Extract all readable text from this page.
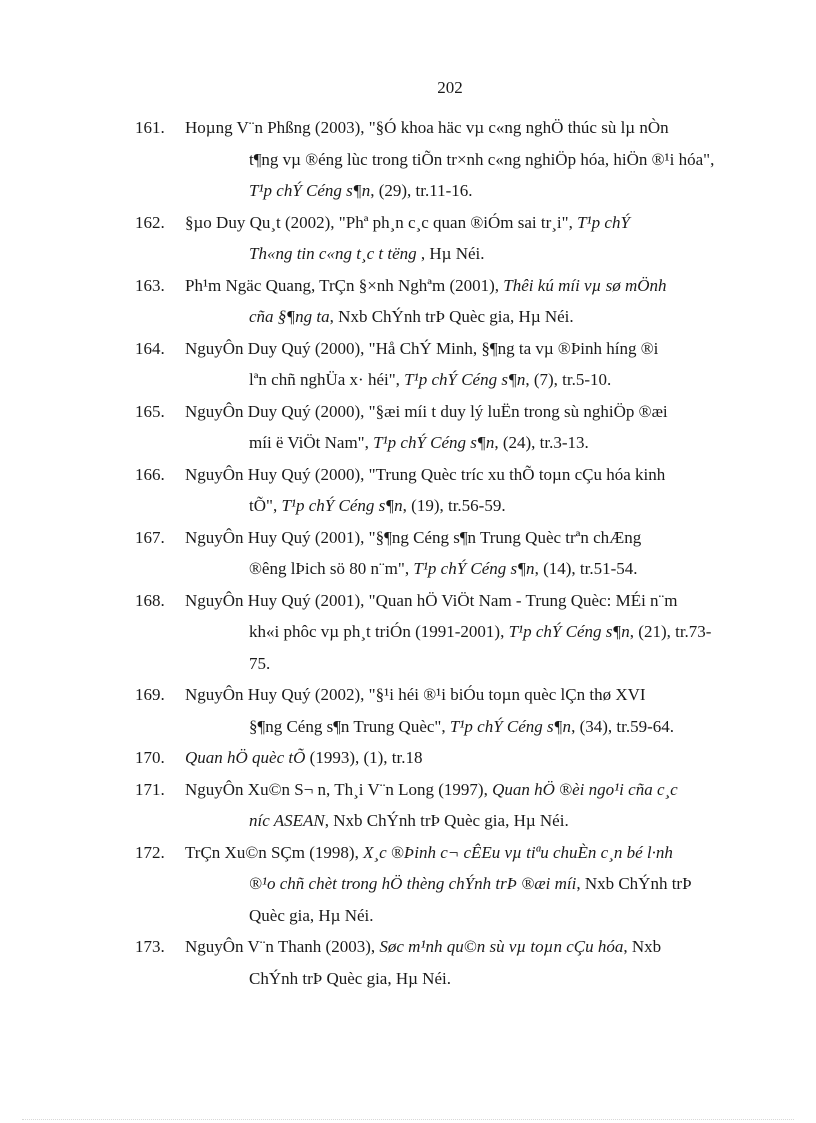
202
161. Hoµng V¨n Phßng (2003), "§Ó khoa häc vµ c«ng nghÖ thúc sù lµ nÒn
t¶ng vµ ®éng lùc trong tiÕn tr×nh c«ng nghiÖp hóa, hiÖn ®¹i hóa",
T¹p chÝ Céng s¶n, (29), tr.11-16.
162. §µo Duy Qu¸t (2002), "Phª ph¸n c¸c quan ®iÓm sai tr¸i", T¹p chÝ
Th«ng tin c«ng t¸c t tëng , Hµ Néi.
163. Ph¹m Ngäc Quang, TrÇn §×nh Nghªm (2001), Thêi kú míi vµ sø mÖnh
cña §¶ng ta, Nxb ChÝnh trÞ Quèc gia, Hµ Néi.
164. NguyÔn Duy Quý (2000), "Hå ChÝ Minh, §¶ng ta vµ ®Þinh híng ®i
lªn chñ nghÜa x· héi", T¹p chÝ Céng s¶n, (7), tr.5-10.
165. NguyÔn Duy Quý (2000), "§æi míi t duy lý luËn trong sù nghiÖp ®æi
míi ë ViÖt Nam", T¹p chÝ Céng s¶n, (24), tr.3-13.
166. NguyÔn Huy Quý (2000), "Trung Quèc tríc xu thÕ toµn cÇu hóa kinh
tÕ", T¹p chÝ Céng s¶n, (19), tr.56-59.
167. NguyÔn Huy Quý (2001), "§¶ng Céng s¶n Trung Quèc trªn chÆng
®êng lÞich sö 80 n¨m", T¹p chÝ Céng s¶n, (14), tr.51-54.
168. NguyÔn Huy Quý (2001), "Quan hÖ ViÖt Nam - Trung Quèc: MÉi n¨m
kh«i phôc vµ ph¸t triÓn (1991-2001), T¹p chÝ Céng s¶n, (21), tr.73-
75.
169. NguyÔn Huy Quý (2002), "§¹i héi ®¹i biÓu toµn quèc lÇn thø XVI
§¶ng Céng s¶n Trung Quèc", T¹p chÝ Céng s¶n, (34), tr.59-64.
170. Quan hÖ quèc tÕ (1993), (1), tr.18
171. NguyÔn Xu©n S¬ n, Th¸i V¨n Long (1997), Quan hÖ ®èi ngo¹i cña c¸c
níc ASEAN, Nxb ChÝnh trÞ Quèc gia, Hµ Néi.
172. TrÇn Xu©n SÇm (1998), X¸c ®Þinh c¬ cÊEu vµ tiªu chuÈn c¸n bé l·nh
®¹o chñ chèt trong hÖ thèng chÝnh trÞ ®æi míi, Nxb ChÝnh trÞ
Quèc gia, Hµ Néi.
173. NguyÔn V¨n Thanh (2003), Søc m¹nh qu©n sù vµ toµn cÇu hóa, Nxb
ChÝnh trÞ Quèc gia, Hµ Néi.
